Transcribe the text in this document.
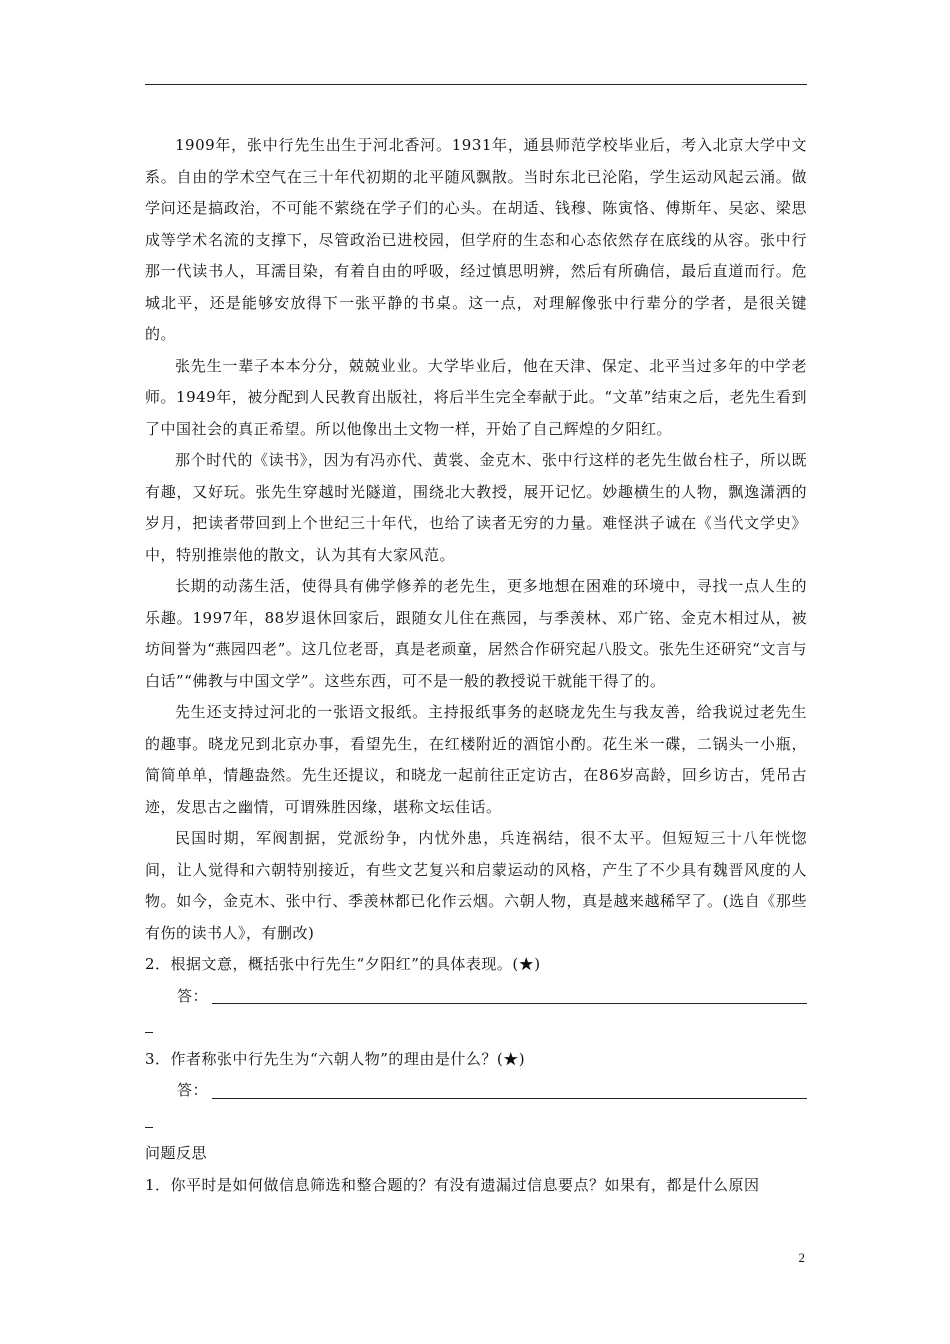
1909年，张中行先生出生于河北香河。1931年，通县师范学校毕业后，考入北京大学中文系。自由的学术空气在三十年代初期的北平随风飘散。当时东北已沦陷，学生运动风起云涌。做学问还是搞政治，不可能不萦绕在学子们的心头。在胡适、钱穆、陈寅恪、傅斯年、吴宓、梁思成等学术名流的支撑下，尽管政治已进校园，但学府的生态和心态依然存在底线的从容。张中行那一代读书人，耳濡目染，有着自由的呼吸，经过慎思明辨，然后有所确信，最后直道而行。危城北平，还是能够安放得下一张平静的书桌。这一点，对理解像张中行辈分的学者，是很关键的。

张先生一辈子本本分分，兢兢业业。大学毕业后，他在天津、保定、北平当过多年的中学老师。1949年，被分配到人民教育出版社，将后半生完全奉献于此。“文革”结束之后，老先生看到了中国社会的真正希望。所以他像出土文物一样，开始了自己辉煌的夕阳红。

那个时代的《读书》，因为有冯亦代、黄裳、金克木、张中行这样的老先生做台柱子，所以既有趣，又好玩。张先生穿越时光隧道，围绕北大教授，展开记忆。妙趣横生的人物，飘逸潇洒的岁月，把读者带回到上个世纪三十年代，也给了读者无穷的力量。难怪洪子诚在《当代文学史》中，特别推崇他的散文，认为其有大家风范。

长期的动荡生活，使得具有佛学修养的老先生，更多地想在困难的环境中，寻找一点人生的乐趣。1997年，88岁退休回家后，跟随女儿住在燕园，与季羡林、邓广铭、金克木相过从，被坊间誉为“燕园四老”。这几位老哥，真是老顽童，居然合作研究起八股文。张先生还研究“文言与白话”“佛教与中国文学”。这些东西，可不是一般的教授说干就能干得了的。

先生还支持过河北的一张语文报纸。主持报纸事务的赵晓龙先生与我友善，给我说过老先生的趣事。晓龙兄到北京办事，看望先生，在红楼附近的酒馆小酌。花生米一碟，二锅头一小瓶，简简单单，情趣盎然。先生还提议，和晓龙一起前往正定访古，在86岁高龄，回乡访古，凭吊古迹，发思古之幽情，可谓殊胜因缘，堪称文坛佳话。

民国时期，军阀割据，党派纷争，内忧外患，兵连祸结，很不太平。但短短三十八年恍惚间，让人觉得和六朝特别接近，有些文艺复兴和启蒙运动的风格，产生了不少具有魏晋风度的人物。如今，金克木、张中行、季羡林都已化作云烟。六朝人物，真是越来越稀罕了。(选自《那些有伤的读书人》，有删改)

2．根据文意，概括张中行先生“夕阳红”的具体表现。(★)

答：

3．作者称张中行先生为“六朝人物”的理由是什么？(★)

答：

问题反思

1．你平时是如何做信息筛选和整合题的？有没有遗漏过信息要点？如果有，都是什么原因

2
